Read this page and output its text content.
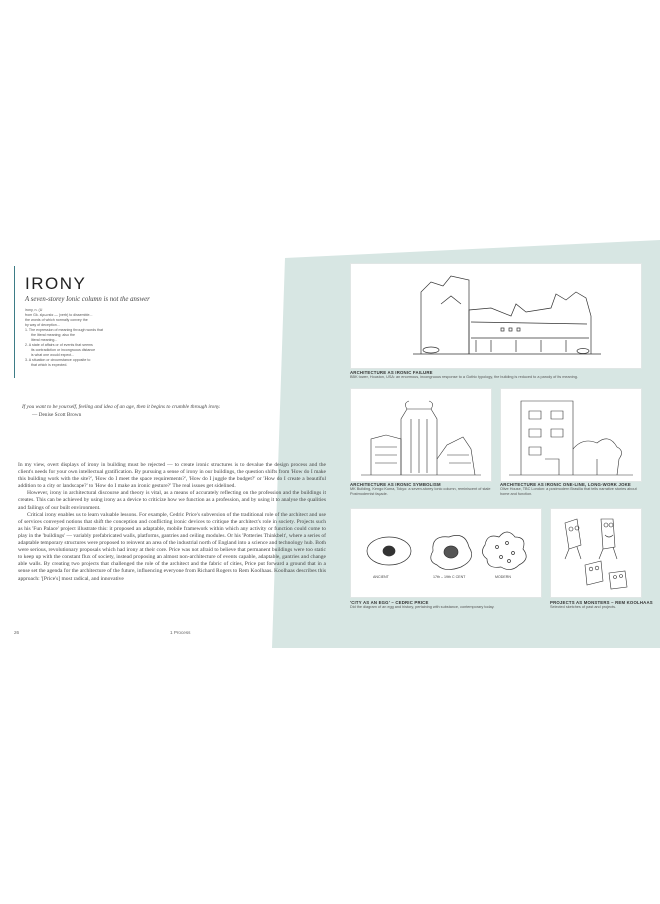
IRONY
A seven-storey Ionic column is not the answer
irony, n. (U
from Gk. εἰρωνεία — (verb) to dissemble...
the words of which normally convey the
by way of deception...
1. The expression of meaning through words that
the literal meaning; also the
literal meaning...
2. A state of affairs or of events that seems
its contradiction or incongruous distance
is what one would expect...
3. A situation or circumstance opposite to
that which is expected.
If you want to be yourself, feeling and idea of an age, then it begins to crumble through irony.
— Denise Scott Brown

In my view, overt displays of irony in building must be rejected — to create ironic structures is to devalue the design process and the client's needs for your own intellectual gratification. By pursuing a sense of irony in our buildings, the question shifts from 'How do I make this building work with the site?', 'How do I meet the space requirements?', 'How do I juggle the budget?' or 'How do I create a beautiful addition to a city or landscape?' to 'How do I make an ironic gesture?' The real issues get sidelined.

However, irony in architectural discourse and theory is vital, as a means of accurately reflecting on the profession and the buildings it creates. This can be achieved by using irony as a device to criticize how we function as a profession, and by using it to analyse the qualities and failings of our built environment.

Critical irony enables us to learn valuable lessons. For example, Cedric Price's subversion of the traditional role of the architect and use of services conveyed notions that shift the conception and conflicting ironic devices to critique the architect's role in society. Projects such as his 'Fun Palace' project illustrate this: it proposed an adaptable, mobile framework within which any activity or function could come to play in the 'buildings' — variably prefabricated walls, platforms, gantries and ceiling modules. Or his 'Potteries Thinkbelt', where a series of adaptable temporary structures were proposed to reinvent an area of the industrial north of England into a science and technology hub. Both were serious, revolutionary proposals which had irony at their core. Price was not afraid to believe that permanent buildings were too static to keep up with the constant flux of society, instead proposing an almost non-architecture of events capable, adaptable, gantries and change able walls. By creating two projects that challenged the role of the architect and the fabric of cities, Price put forward a ground that in a sense set the agenda for the architecture of the future, influencing everyone from Richard Rogers to Rem Koolhaas. Koolhaas describes this approach: '[Price's] most radical, and innovative

26	1 Process
ARCHITECTURE AS IRONIC FAILURE
BBK tower, Houston, USA: an enormous, incongruous response to a Gothic typology, the building is reduced to a parody of its meaning.
ARCHITECTURE AS IRONIC SYMBOLISM
MK Building, Kengo Kuma, Tokyo: a seven-storey Ionic column, reminiscent of stale Postmodernist façade.
ARCHITECTURE AS IRONIC ONE-LINE, LONG-WORK JOKE
Olive House, TBC London: a postmodern Brasilia that tells narrative stories about home and function.
ANCIENT	17th – 19th C CENT	MODERN
'CITY AS AN EGG' – CEDRIC PRICE
Did the diagram of an egg and history, pertaining with substance, contemporary today.
PROJECTS AS MONSTERS – REM KOOLHAAS
Selected sketches of past and projects.
